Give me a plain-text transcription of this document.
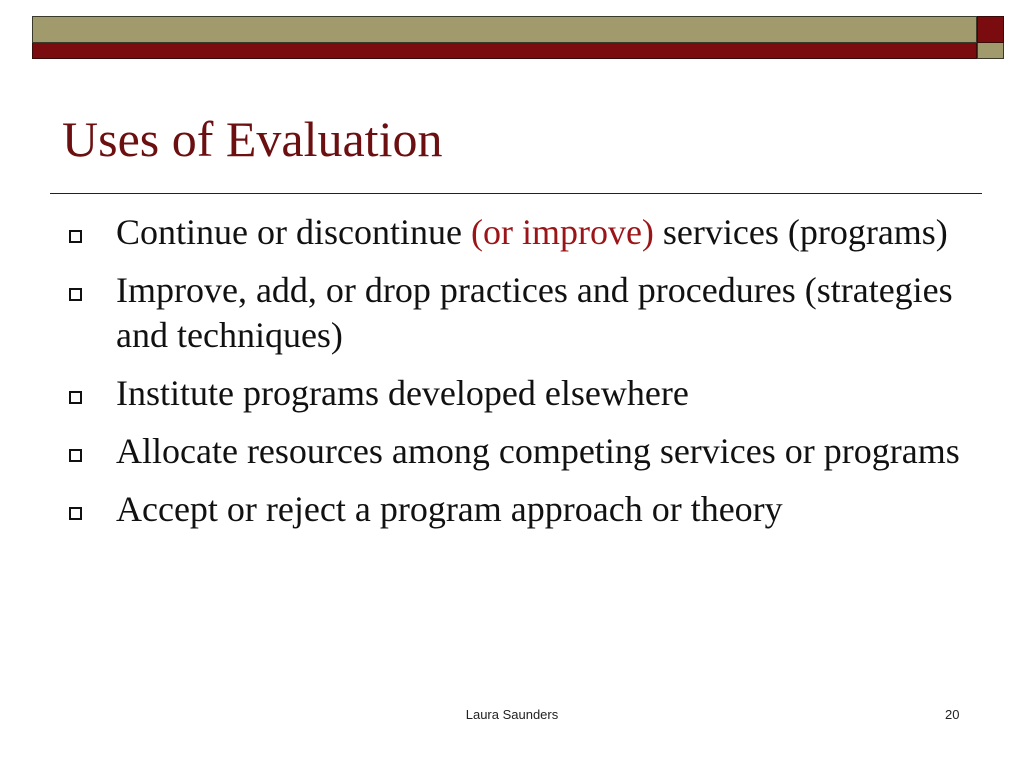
Uses of Evaluation
Continue or discontinue (or improve) services (programs)
Improve, add, or drop practices and procedures (strategies and techniques)
Institute programs developed elsewhere
Allocate resources among competing services or programs
Accept or reject a program approach or theory
Laura Saunders	20
